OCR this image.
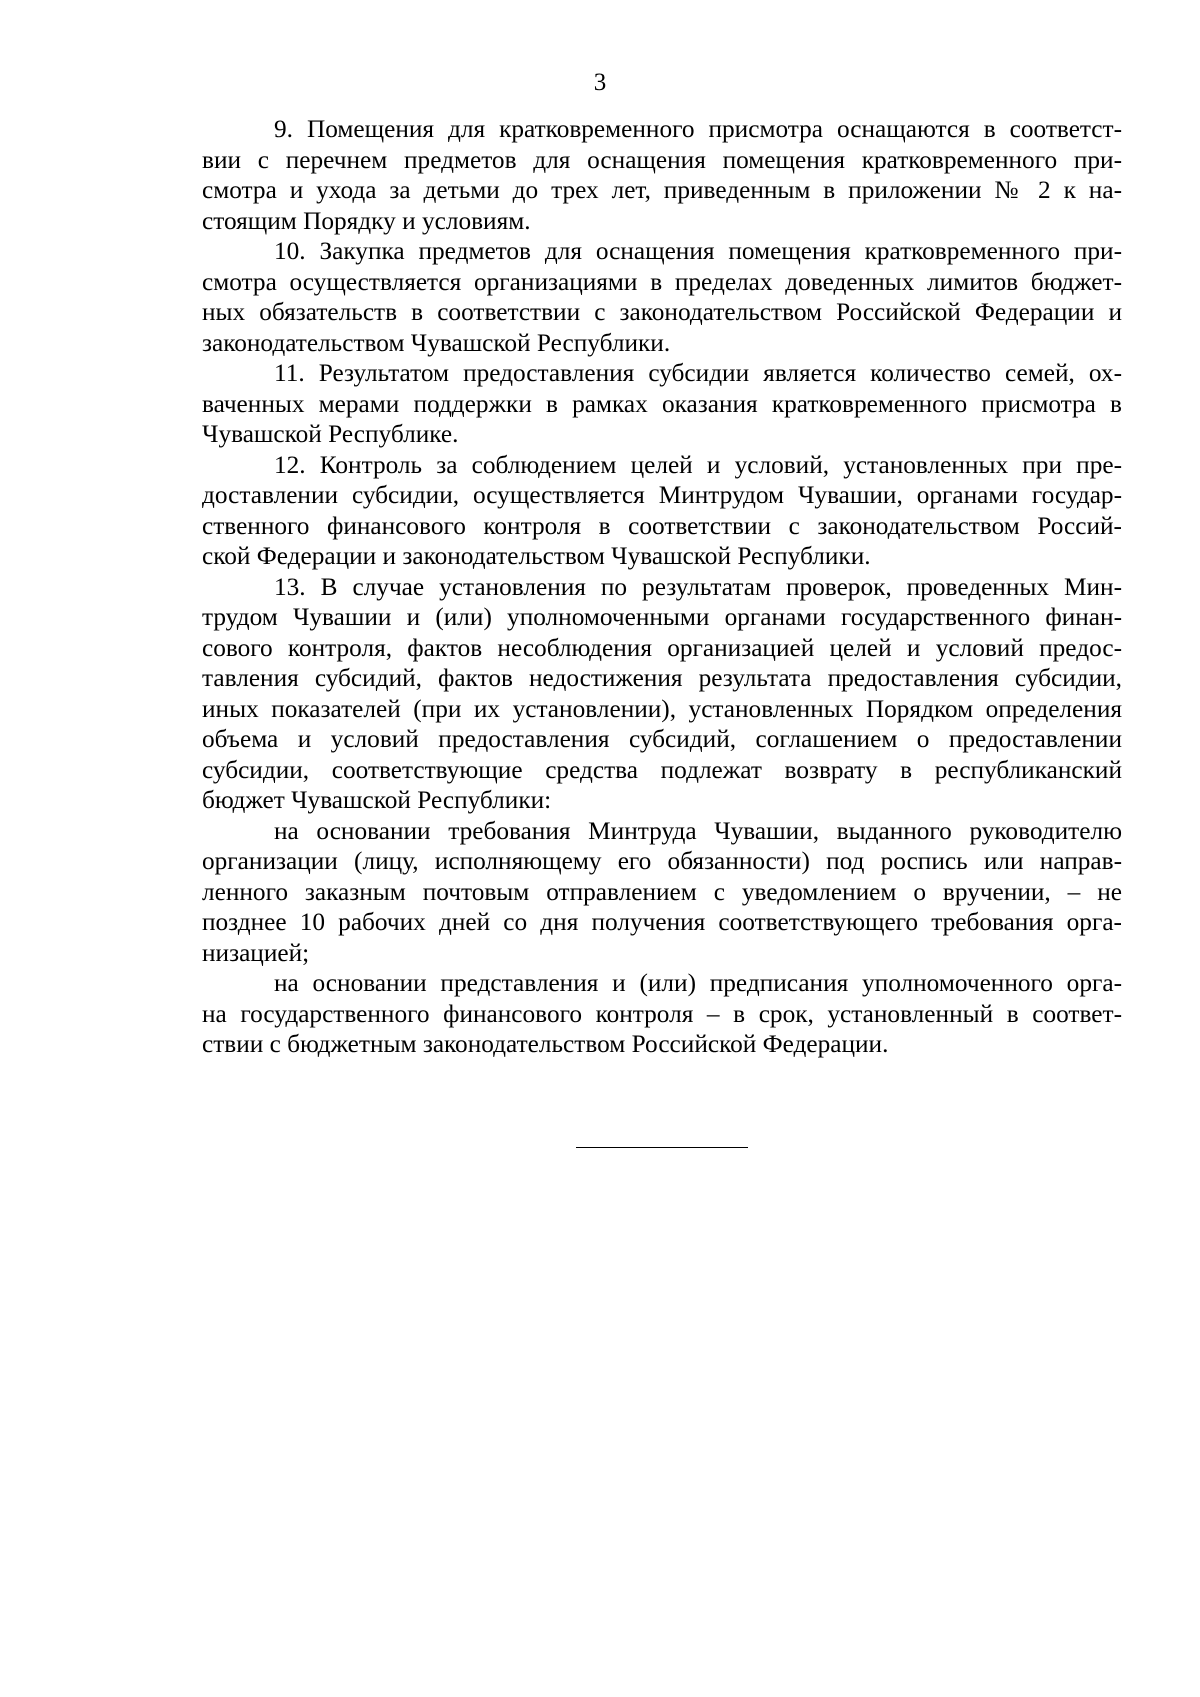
3
9. Помещения для кратковременного присмотра оснащаются в соответст-
вии с перечнем предметов для оснащения помещения кратковременного при-
смотра и ухода за детьми до трех лет, приведенным в приложении № 2 к на-
стоящим Порядку и условиям.
10. Закупка предметов для оснащения помещения кратковременного при-
смотра осуществляется организациями в пределах доведенных лимитов бюджет-
ных обязательств в соответствии с законодательством Российской Федерации и
законодательством Чувашской Республики.
11. Результатом предоставления субсидии является количество семей, ох-
ваченных мерами поддержки в рамках оказания кратковременного присмотра в
Чувашской Республике.
12. Контроль за соблюдением целей и условий, установленных при пре-
доставлении субсидии, осуществляется Минтрудом Чувашии, органами государ-
ственного финансового контроля в соответствии с законодательством Россий-
ской Федерации и законодательством Чувашской Республики.
13. В случае установления по результатам проверок, проведенных Мин-
трудом Чувашии и (или) уполномоченными органами государственного финан-
сового контроля, фактов несоблюдения организацией целей и условий предос-
тавления субсидий, фактов недостижения результата предоставления субсидии,
иных показателей (при их установлении), установленных Порядком определения
объема и условий предоставления субсидий, соглашением о предоставлении
субсидии, соответствующие средства подлежат возврату в республиканский
бюджет Чувашской Республики:
на основании требования Минтруда Чувашии, выданного руководителю
организации (лицу, исполняющему его обязанности) под роспись или направ-
ленного заказным почтовым отправлением с уведомлением о вручении, – не
позднее 10 рабочих дней со дня получения соответствующего требования орга-
низацией;
на основании представления и (или) предписания уполномоченного орга-
на государственного финансового контроля – в срок, установленный в соответ-
ствии с бюджетным законодательством Российской Федерации.
